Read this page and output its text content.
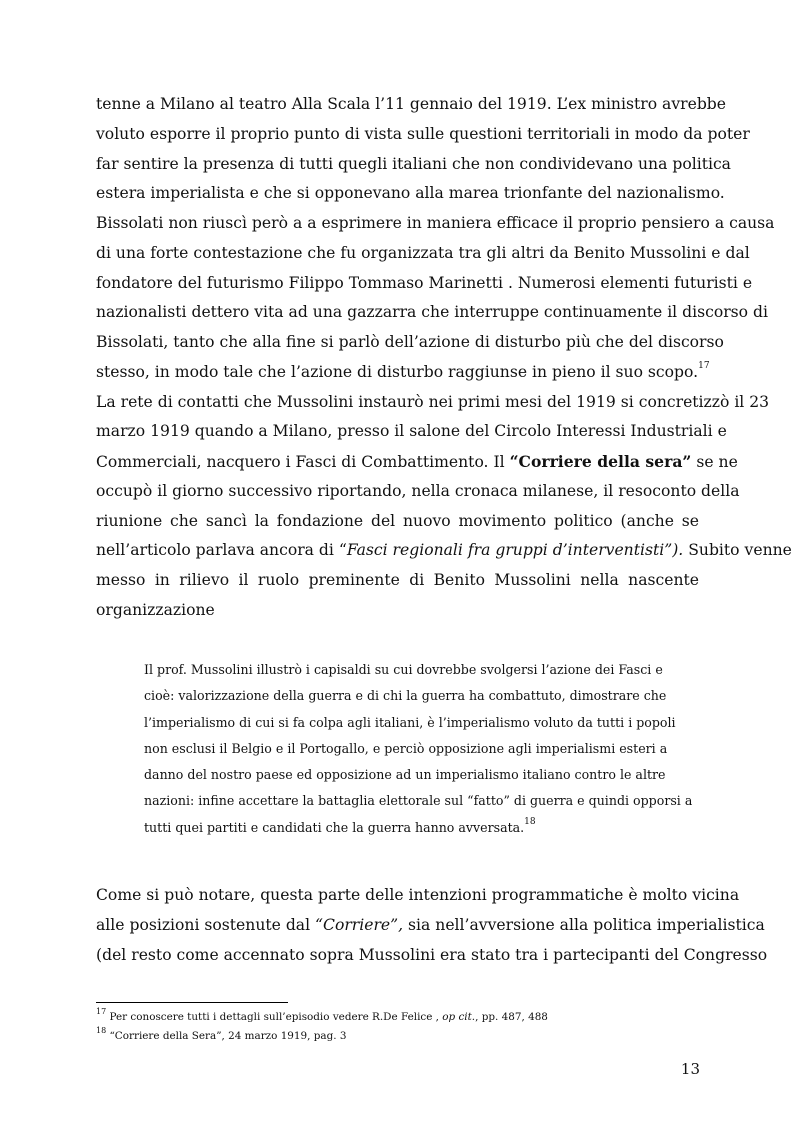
tenne a Milano al teatro Alla Scala l’11 gennaio del 1919. L’ex ministro avrebbe
voluto esporre il proprio punto di vista sulle questioni territoriali in modo da poter
far sentire la presenza di tutti quegli italiani che non condividevano una politica
estera imperialista e che si opponevano alla marea trionfante del nazionalismo.
Bissolati non riuscì però a a esprimere in maniera efficace il proprio pensiero a causa
di una forte contestazione che fu organizzata tra gli altri da Benito Mussolini e dal
fondatore del futurismo Filippo Tommaso Marinetti . Numerosi elementi futuristi e
nazionalisti dettero vita ad una gazzarra che interruppe continuamente il discorso di
Bissolati, tanto che alla fine si parlò dell’azione di disturbo più che del discorso
stesso, in modo tale che l’azione di disturbo raggiunse in pieno il suo scopo.$^{17}$
La rete di contatti che Mussolini instaurò nei primi mesi del 1919 si concretizzò il 23
marzo 1919 quando a Milano, presso il salone del Circolo Interessi Industriali e
Commerciali, nacquero i Fasci di Combattimento. Il “Corriere della sera” se ne
occupò il giorno successivo riportando, nella cronaca milanese, il resoconto della
riunione che sancì la fondazione del nuovo movimento politico (anche se
nell’articolo parlava ancora di “Fasci regionali fra gruppi d’interventisti”). Subito venne
messo in rilievo il ruolo preminente di Benito Mussolini nella nascente
organizzazione
Il prof. Mussolini illustrò i capisaldi su cui dovrebbe svolgersi l’azione dei Fasci e
cioè: valorizzazione della guerra e di chi la guerra ha combattuto, dimostrare che
l’imperialismo di cui si fa colpa agli italiani, è l’imperialismo voluto da tutti i popoli
non esclusi il Belgio e il Portogallo, e perciò opposizione agli imperialismi esteri a
danno del nostro paese ed opposizione ad un imperialismo italiano contro le altre
nazioni: infine accettare la battaglia elettorale sul “fatto” di guerra e quindi opporsi a
tutti quei partiti e candidati che la guerra hanno avversata.$^{18}$
Come si può notare, questa parte delle intenzioni programmatiche è molto vicina
alle posizioni sostenute dal “Corriere”, sia nell’avversione alla politica imperialistica
(del resto come accennato sopra Mussolini era stato tra i partecipanti del Congresso
$^{17}$ Per conoscere tutti i dettagli sull’episodio vedere R.De Felice , op cit., pp. 487, 488
$^{18}$ “Corriere della Sera”, 24 marzo 1919, pag. 3
13
